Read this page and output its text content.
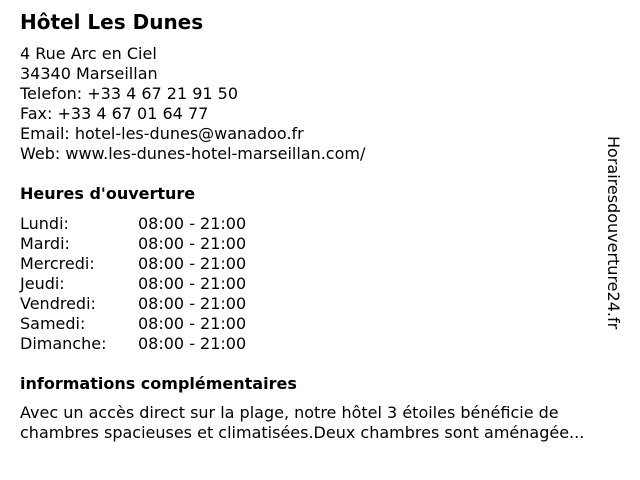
Hôtel Les Dunes
4 Rue Arc en Ciel
34340 Marseillan
Telefon: +33 4 67 21 91 50
Fax: +33 4 67 01 64 77
Email: hotel-les-dunes@wanadoo.fr
Web: www.les-dunes-hotel-marseillan.com/
Heures d'ouverture
Lundi:	08:00 - 21:00
Mardi:	08:00 - 21:00
Mercredi:	08:00 - 21:00
Jeudi:	08:00 - 21:00
Vendredi:	08:00 - 21:00
Samedi:	08:00 - 21:00
Dimanche:	08:00 - 21:00
informations complémentaires
Avec un accès direct sur la plage, notre hôtel 3 étoiles bénéficie de
chambres spacieuses et climatisées.Deux chambres sont aménagée...
Horairesdouverture24.fr
